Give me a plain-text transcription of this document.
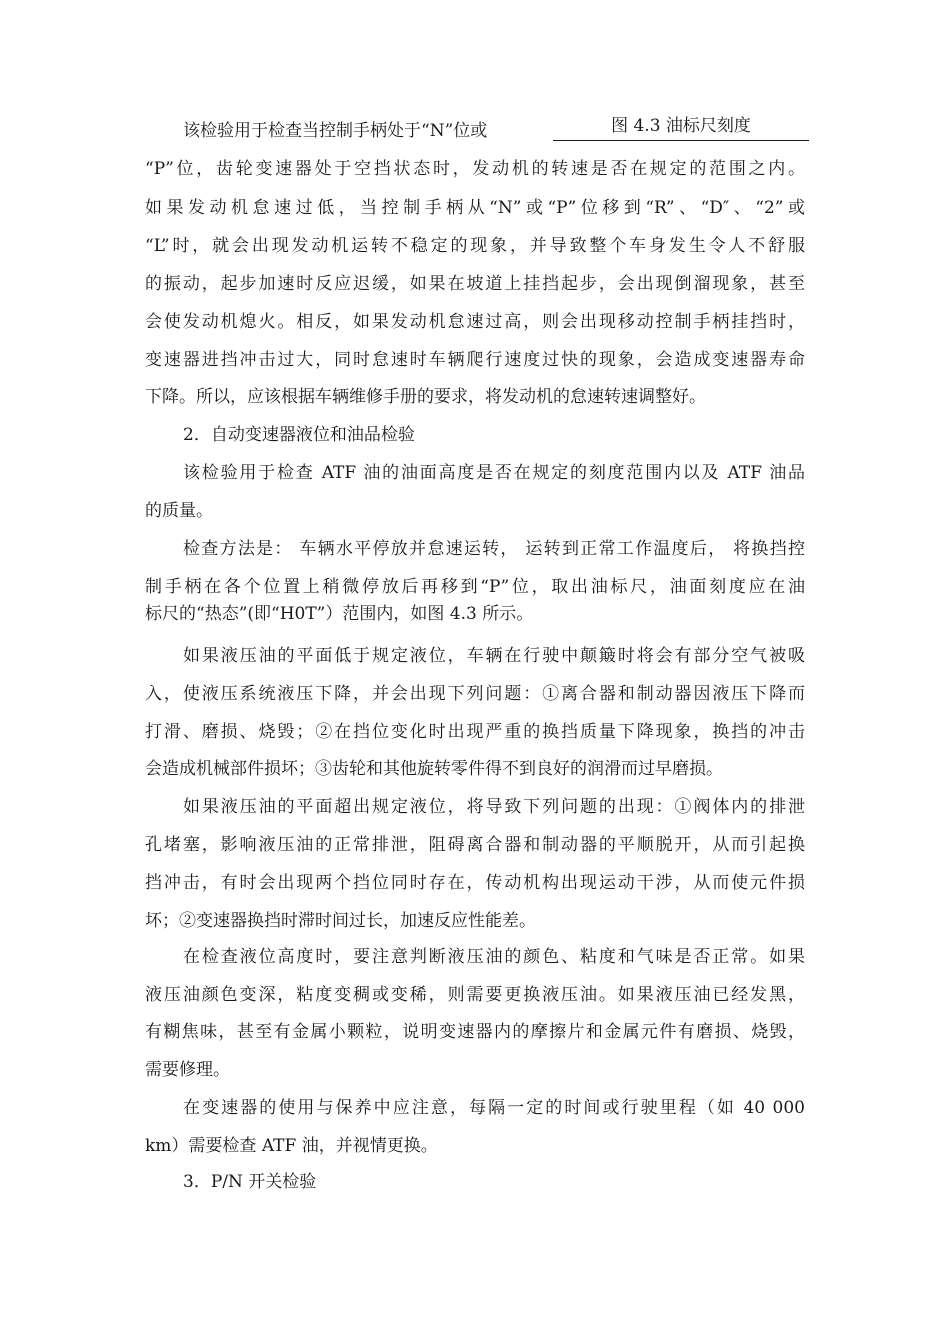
图 4.3 油标尺刻度
该检验用于检查当控制手柄处于“N”位或
“P”位，齿轮变速器处于空挡状态时，发动机的转速是否在规定的范围之内。
如果发动机怠速过低，当控制手柄从“N”或“P”位移到“R”、“D″、“2”或
“L”时，就会出现发动机运转不稳定的现象，并导致整个车身发生令人不舒服
的振动，起步加速时反应迟缓，如果在坡道上挂挡起步，会出现倒溜现象，甚至
会使发动机熄火。相反，如果发动机怠速过高，则会出现移动控制手柄挂挡时，
变速器进挡冲击过大，同时怠速时车辆爬行速度过快的现象，会造成变速器寿命
下降。所以，应该根据车辆维修手册的要求，将发动机的怠速转速调整好。
2．自动变速器液位和油品检验
该检验用于检查 ATF 油的油面高度是否在规定的刻度范围内以及 ATF 油品
的质量。
检查方法是： 车辆水平停放并怠速运转， 运转到正常工作温度后， 将换挡控
制手柄在各个位置上稍微停放后再移到“P”位，取出油标尺，油面刻度应在油
标尺的“热态”(即“H0T”）范围内，如图 4.3 所示。
如果液压油的平面低于规定液位，车辆在行驶中颠簸时将会有部分空气被吸
入，使液压系统液压下降，并会出现下列问题：①离合器和制动器因液压下降而
打滑、磨损、烧毁；②在挡位变化时出现严重的换挡质量下降现象，换挡的冲击
会造成机械部件损坏；③齿轮和其他旋转零件得不到良好的润滑而过早磨损。
如果液压油的平面超出规定液位，将导致下列问题的出现：①阀体内的排泄
孔堵塞，影响液压油的正常排泄，阻碍离合器和制动器的平顺脱开，从而引起换
挡冲击，有时会出现两个挡位同时存在，传动机构出现运动干涉，从而使元件损
坏；②变速器换挡时滞时间过长，加速反应性能差。
在检查液位高度时，要注意判断液压油的颜色、粘度和气味是否正常。如果
液压油颜色变深，粘度变稠或变稀，则需要更换液压油。如果液压油已经发黑，
有糊焦味，甚至有金属小颗粒，说明变速器内的摩擦片和金属元件有磨损、烧毁，
需要修理。
在变速器的使用与保养中应注意，每隔一定的时间或行驶里程（如 40 000
km）需要检查 ATF 油，并视情更换。
3．P/N 开关检验
